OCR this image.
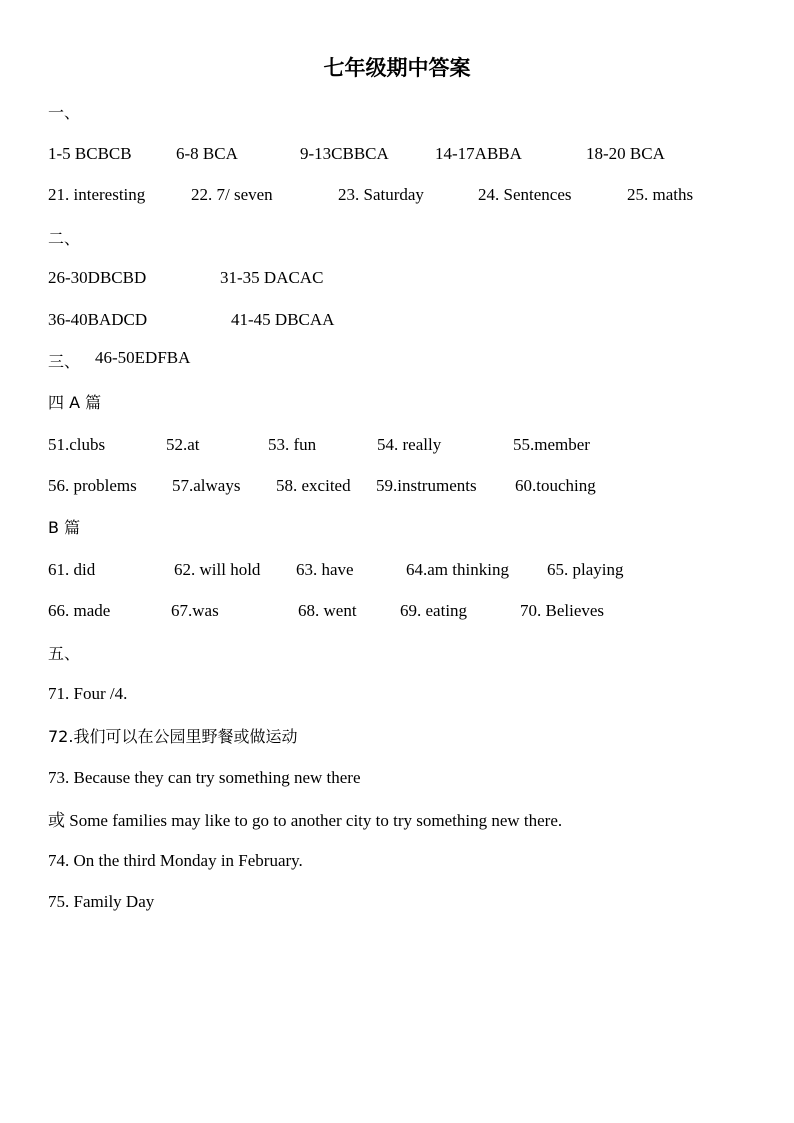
七年级期中答案
一、
1-5 BCBCB	6-8 BCA	9-13CBBCA	14-17ABBA	18-20 BCA
21. interesting	22. 7/ seven	23. Saturday	24. Sentences	25. maths
二、
26-30DBCBD	31-35 DACAC
36-40BADCD	41-45 DBCAA
三、 46-50EDFBA
四 A 篇
51.clubs	52.at	53. fun	54. really	55.member
56. problems 57.always 58. excited 59.instruments 60.touching
B 篇
61. did	62. will hold 63. have	64.am thinking 65. playing
66. made	67.was	68. went	69. eating	70. Believes
五、
71. Four /4.
72.我们可以在公园里野餐或做运动
73. Because they can try something new there
或 Some families may like to go to another city to try something new there.
74. On the third Monday in February.
75. Family Day
